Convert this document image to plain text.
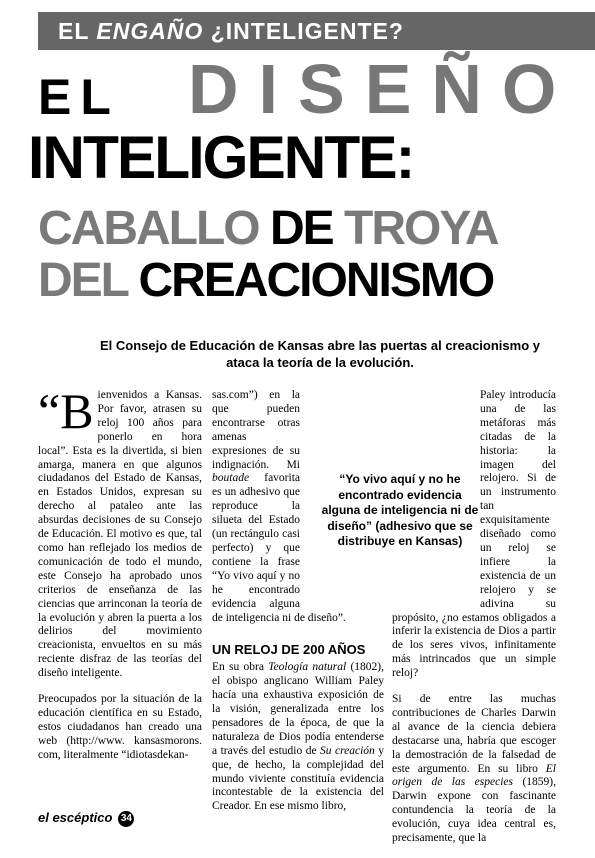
EL ENGAÑO ¿INTELIGENTE?
EL DISEÑO
INTELIGENTE:
CABALLO DE TROYA
DEL CREACIONISMO
El Consejo de Educación de Kansas abre las puertas al creacionismo y ataca la teoría de la evolución.

“Bienvenidos a Kansas. Por favor, atrasen su reloj 100 años para ponerlo en hora local”. Esta es la divertida, si bien amarga, manera en que algunos ciudadanos del Estado de Kansas, en Estados Unidos, expresan su derecho al pataleo ante las absurdas decisiones de su Consejo de Educación. El motivo es que, tal como han reflejado los medios de comunicación de todo el mundo, este Consejo ha aprobado unos criterios de enseñanza de las ciencias que arrinconan la teoría de la evolución y abren la puerta a los delirios del movimiento creacionista, envueltos en su más reciente disfraz de las teorías del diseño inteligente.

Preocupados por la situación de la educación científica en su Estado, estos ciudadanos han creado una web (http://www. kansasmorons. com, literalmente “idiotasdekan-

sas.com”) en la que pueden encontrarse otras amenas expresiones de su indignación. Mi boutade favorita es un adhesivo que reproduce la silueta del Estado (un rectángulo casi perfecto) y que contiene la frase “Yo vivo aquí y no he encontrado evidencia alguna de inteligencia ni de diseño”.

UN RELOJ DE 200 AÑOS

En su obra Teología natural (1802), el obispo anglicano William Paley hacía una exhaustiva exposición de la visión, generalizada entre los pensadores de la época, de que la naturaleza de Dios podía entenderse a través del estudio de Su creación y que, de hecho, la complejidad del mundo viviente constituía evidencia incontestable de la existencia del Creador. En ese mismo libro,

Paley introducía una de las metáforas más citadas de la historia: la imagen del relojero. Si de un instrumento tan exquisitamente diseñado como un reloj se infiere la existencia de un relojero y se adivina su propósito, ¿no estamos obligados a inferir la existencia de Dios a partir de los seres vivos, infinitamente más intrincados que un simple reloj?

Si de entre las muchas contribuciones de Charles Darwin al avance de la ciencia debiera destacarse una, habría que escoger la demostración de la falsedad de este argumento. En su libro El origen de las especies (1859), Darwin expone con fascinante contundencia la teoría de la evolución, cuya idea central es, precisamente, que la

“Yo vivo aquí y no he encontrado evidencia alguna de inteligencia ni de diseño” (adhesivo que se distribuye en Kansas)
el escéptico 34
